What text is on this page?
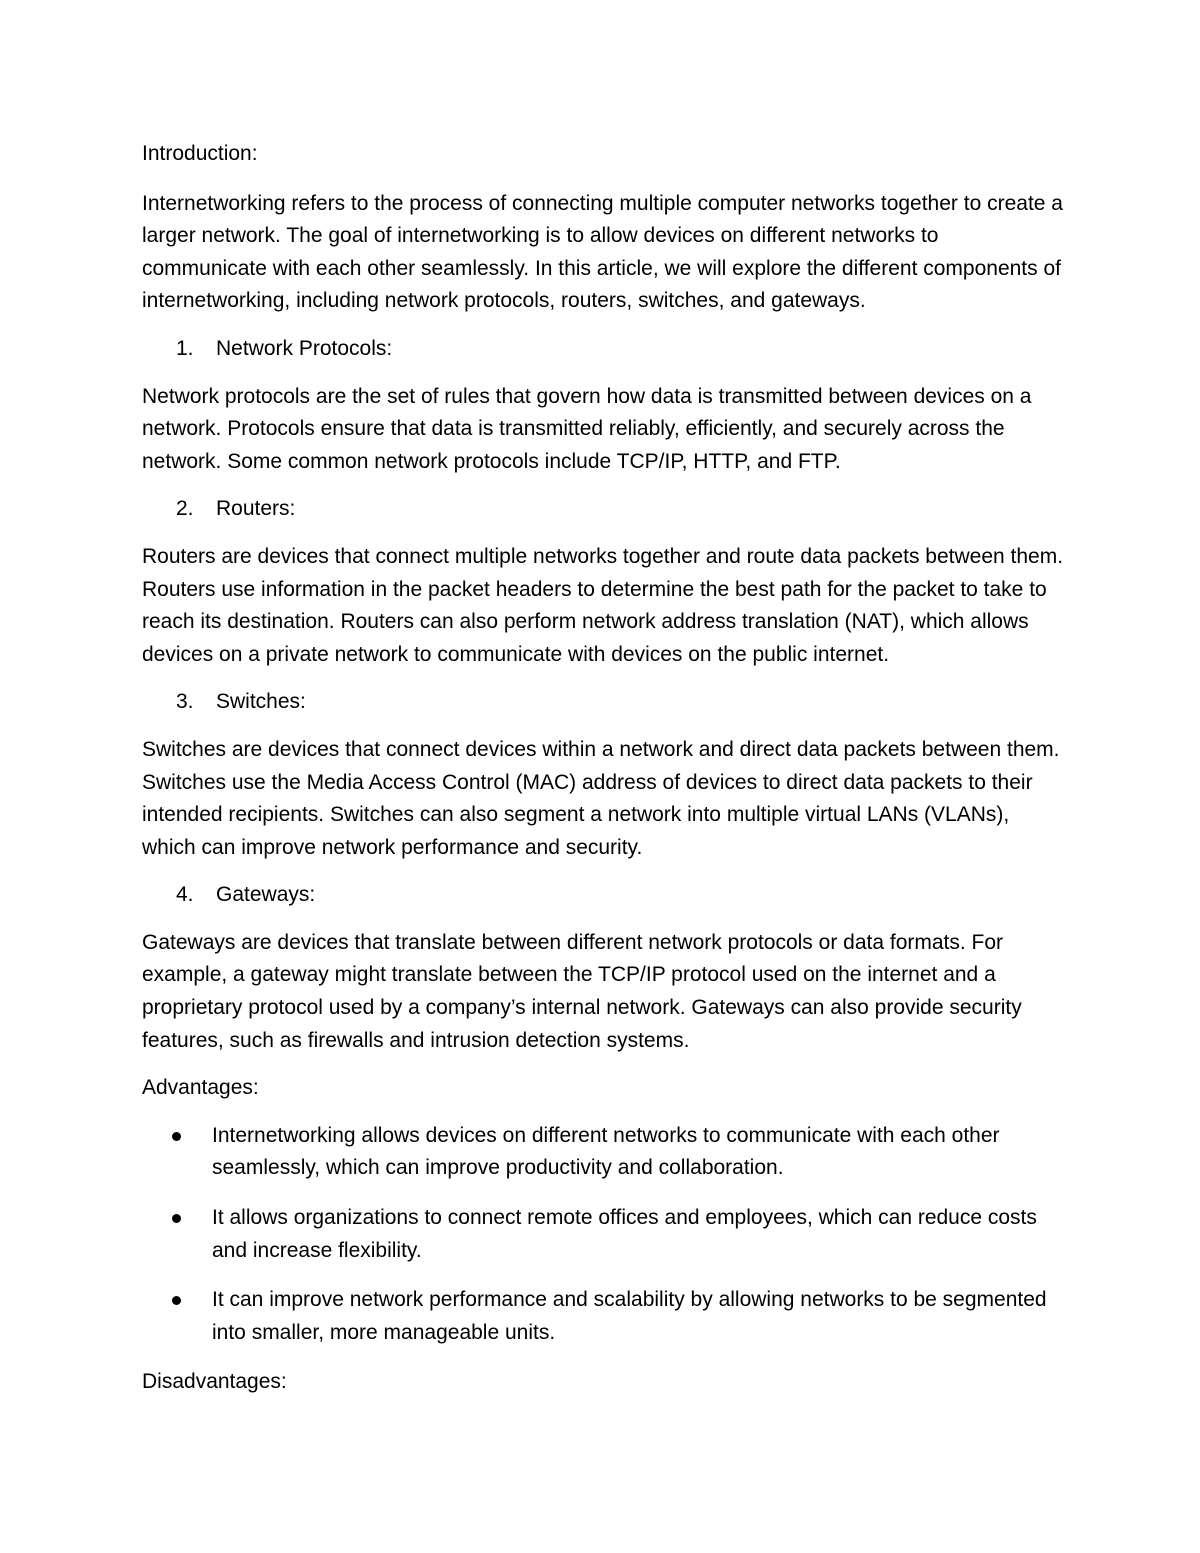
Introduction:

Internetworking refers to the process of connecting multiple computer networks together to create a larger network. The goal of internetworking is to allow devices on different networks to communicate with each other seamlessly. In this article, we will explore the different components of internetworking, including network protocols, routers, switches, and gateways.

1.	Network Protocols:

Network protocols are the set of rules that govern how data is transmitted between devices on a network. Protocols ensure that data is transmitted reliably, efficiently, and securely across the network. Some common network protocols include TCP/IP, HTTP, and FTP.

2.	Routers:

Routers are devices that connect multiple networks together and route data packets between them. Routers use information in the packet headers to determine the best path for the packet to take to reach its destination. Routers can also perform network address translation (NAT), which allows devices on a private network to communicate with devices on the public internet.

3.	Switches:

Switches are devices that connect devices within a network and direct data packets between them. Switches use the Media Access Control (MAC) address of devices to direct data packets to their intended recipients. Switches can also segment a network into multiple virtual LANs (VLANs), which can improve network performance and security.

4.	Gateways:

Gateways are devices that translate between different network protocols or data formats. For example, a gateway might translate between the TCP/IP protocol used on the internet and a proprietary protocol used by a company’s internal network. Gateways can also provide security features, such as firewalls and intrusion detection systems.

Advantages:

Internetworking allows devices on different networks to communicate with each other seamlessly, which can improve productivity and collaboration.
It allows organizations to connect remote offices and employees, which can reduce costs and increase flexibility.
It can improve network performance and scalability by allowing networks to be segmented into smaller, more manageable units.

Disadvantages:
